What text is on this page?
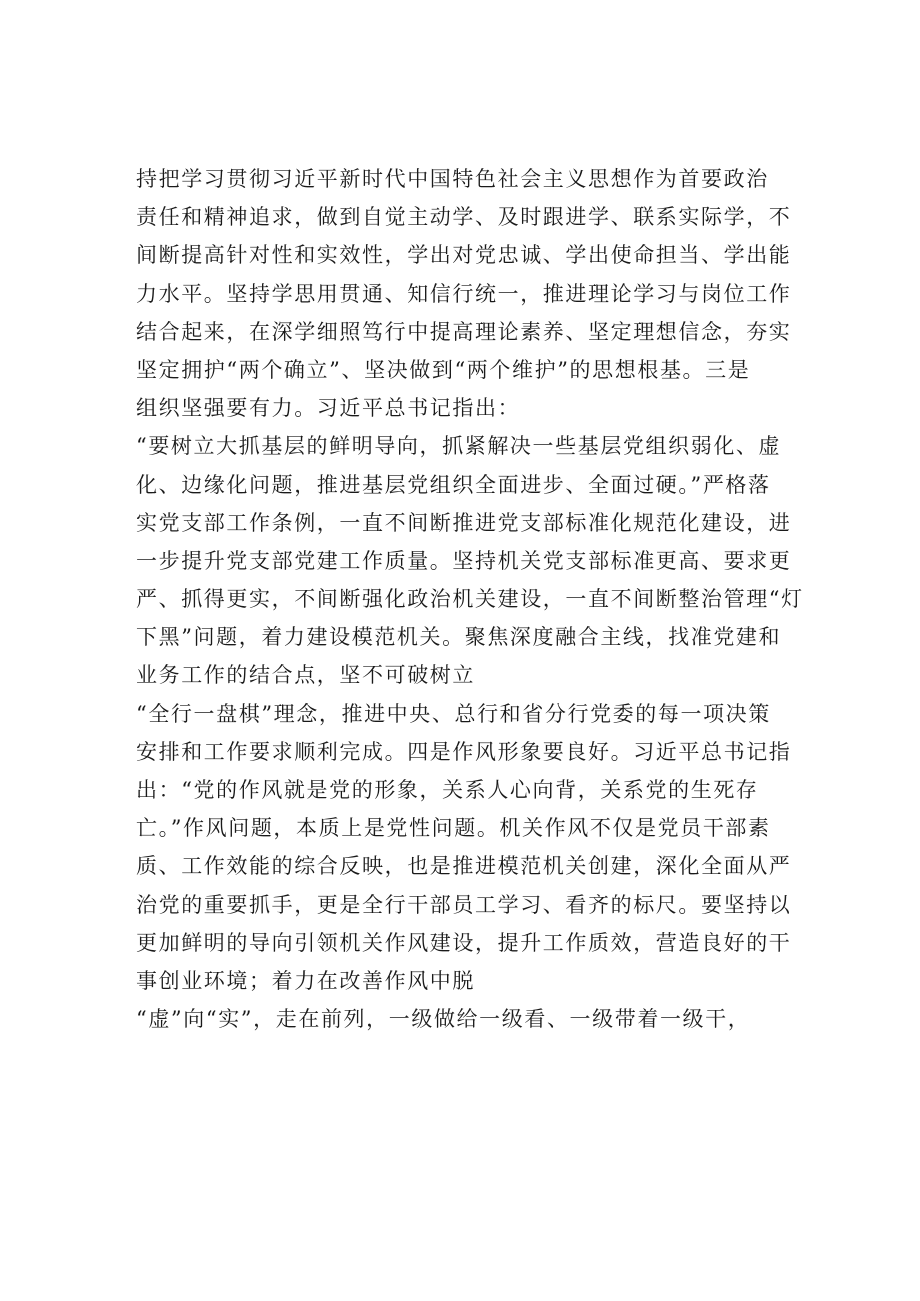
持把学习贯彻习近平新时代中国特色社会主义思想作为首要政治
责任和精神追求，做到自觉主动学、及时跟进学、联系实际学，不
间断提高针对性和实效性，学出对党忠诚、学出使命担当、学出能
力水平。坚持学思用贯通、知信行统一，推进理论学习与岗位工作
结合起来，在深学细照笃行中提高理论素养、坚定理想信念，夯实
坚定拥护“两个确立”、坚决做到“两个维护”的思想根基。三是
组织坚强要有力。习近平总书记指出：
“要树立大抓基层的鲜明导向，抓紧解决一些基层党组织弱化、虚
化、边缘化问题，推进基层党组织全面进步、全面过硬。”严格落
实党支部工作条例，一直不间断推进党支部标准化规范化建设，进
一步提升党支部党建工作质量。坚持机关党支部标准更高、要求更
严、抓得更实，不间断强化政治机关建设，一直不间断整治管理“灯
下黑”问题，着力建设模范机关。聚焦深度融合主线，找准党建和
业务工作的结合点，坚不可破树立
“全行一盘棋”理念，推进中央、总行和省分行党委的每一项决策
安排和工作要求顺利完成。四是作风形象要良好。习近平总书记指
出：“党的作风就是党的形象，关系人心向背，关系党的生死存
亡。”作风问题，本质上是党性问题。机关作风不仅是党员干部素
质、工作效能的综合反映，也是推进模范机关创建，深化全面从严
治党的重要抓手，更是全行干部员工学习、看齐的标尺。要坚持以
更加鲜明的导向引领机关作风建设，提升工作质效，营造良好的干
事创业环境；着力在改善作风中脱
“虚”向“实”，走在前列，一级做给一级看、一级带着一级干，
